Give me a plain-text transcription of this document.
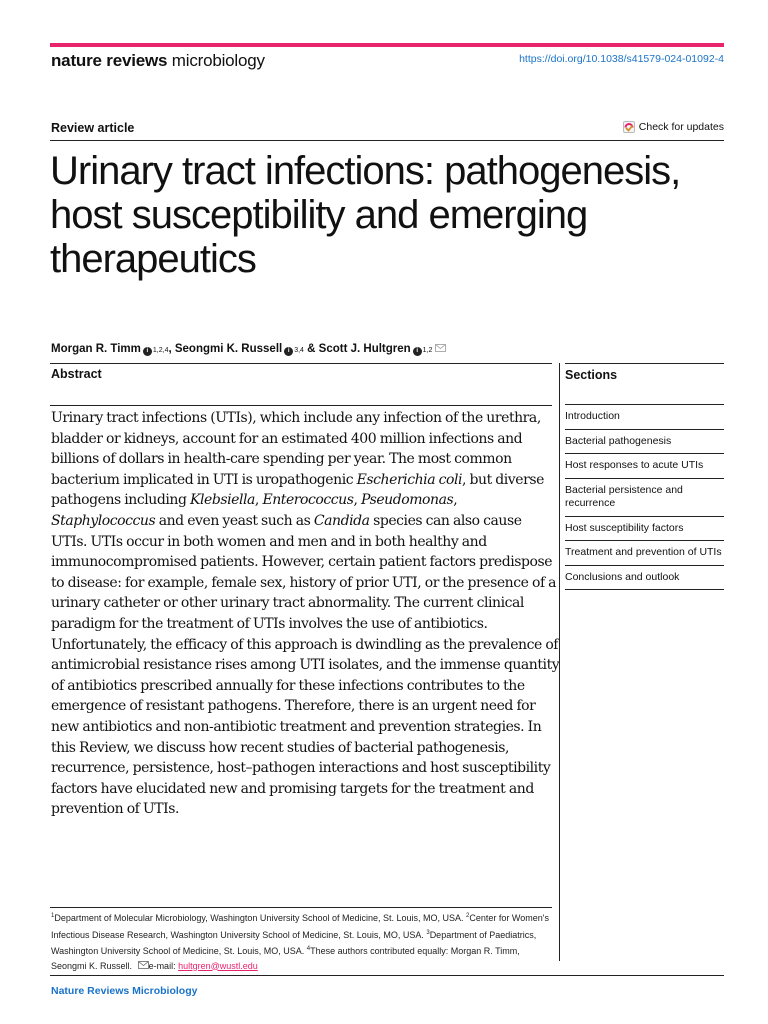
nature reviews microbiology	https://doi.org/10.1038/s41579-024-01092-4
Review article	Check for updates
Urinary tract infections: pathogenesis, host susceptibility and emerging therapeutics
Morgan R. Timm i 1,2,4 , Seongmi K. Russell i 3,4 & Scott J. Hultgren i 1,2
Abstract

Urinary tract infections (UTIs), which include any infection of the urethra, bladder or kidneys, account for an estimated 400 million infections and billions of dollars in health-care spending per year. The most common bacterium implicated in UTI is uropathogenic Escherichia coli, but diverse pathogens including Klebsiella, Enterococcus, Pseudomonas, Staphylococcus and even yeast such as Candida species can also cause UTIs. UTIs occur in both women and men and in both healthy and immunocompromised patients. However, certain patient factors predispose to disease: for example, female sex, history of prior UTI, or the presence of a urinary catheter or other urinary tract abnormality. The current clinical paradigm for the treatment of UTIs involves the use of antibiotics. Unfortunately, the efficacy of this approach is dwindling as the prevalence of antimicrobial resistance rises among UTI isolates, and the immense quantity of antibiotics prescribed annually for these infections contributes to the emergence of resistant pathogens. Therefore, there is an urgent need for new antibiotics and non-antibiotic treatment and prevention strategies. In this Review, we discuss how recent studies of bacterial pathogenesis, recurrence, persistence, host–pathogen interactions and host susceptibility factors have elucidated new and promising targets for the treatment and prevention of UTIs.

Sections
Introduction
Bacterial pathogenesis
Host responses to acute UTIs
Bacterial persistence and recurrence
Host susceptibility factors
Treatment and prevention of UTIs
Conclusions and outlook
$^1$Department of Molecular Microbiology, Washington University School of Medicine, St. Louis, MO, USA. $^2$Center for Women's Infectious Disease Research, Washington University School of Medicine, St. Louis, MO, USA. $^3$Department of Paediatrics, Washington University School of Medicine, St. Louis, MO, USA. $^4$These authors contributed equally: Morgan R. Timm, Seongmi K. Russell. e-mail: hultgren@wustl.edu
Nature Reviews Microbiology
